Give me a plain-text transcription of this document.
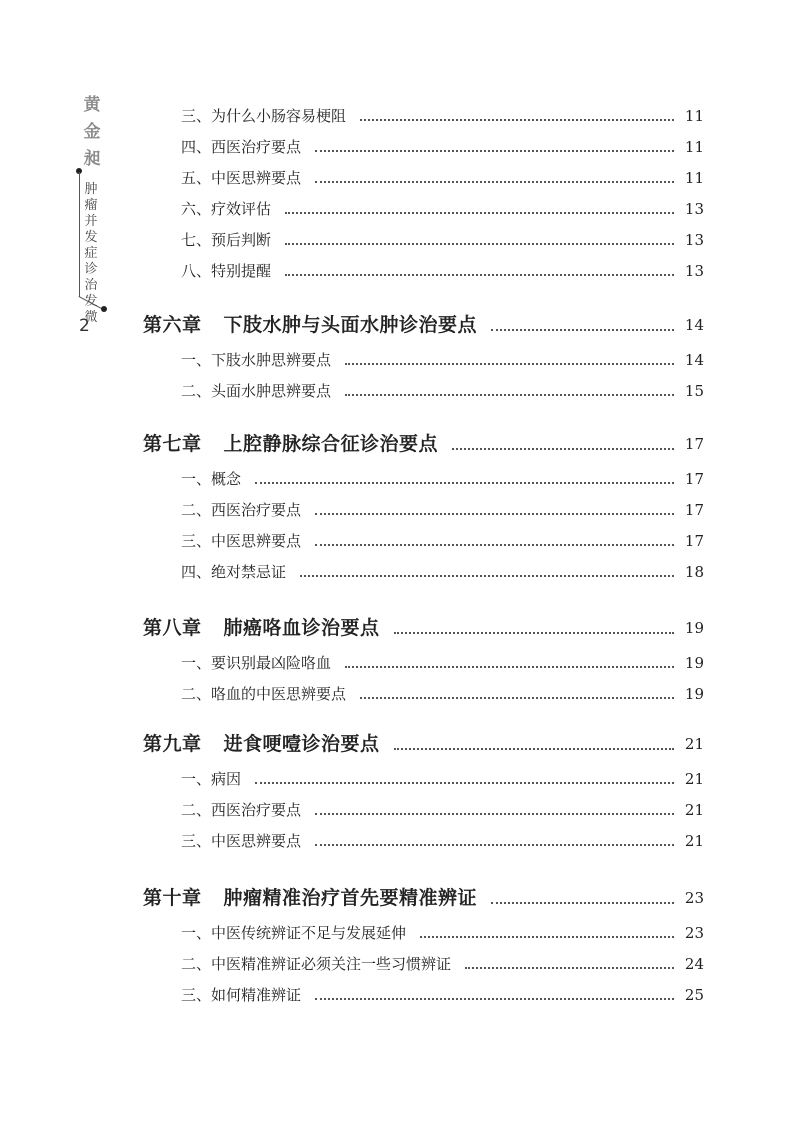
黄金昶
肿瘤并发症诊治发微
2
三、为什么小肠容易梗阻	11
四、西医治疗要点	11
五、中医思辨要点	11
六、疗效评估	13
七、预后判断	13
八、特别提醒	13
第六章 下肢水肿与头面水肿诊治要点	14
一、下肢水肿思辨要点	14
二、头面水肿思辨要点	15
第七章 上腔静脉综合征诊治要点	17
一、概念	17
二、西医治疗要点	17
三、中医思辨要点	17
四、绝对禁忌证	18
第八章 肺癌咯血诊治要点	19
一、要识别最凶险咯血	19
二、咯血的中医思辨要点	19
第九章 进食哽噎诊治要点	21
一、病因	21
二、西医治疗要点	21
三、中医思辨要点	21
第十章 肿瘤精准治疗首先要精准辨证	23
一、中医传统辨证不足与发展延伸	23
二、中医精准辨证必须关注一些习惯辨证	24
三、如何精准辨证	25
